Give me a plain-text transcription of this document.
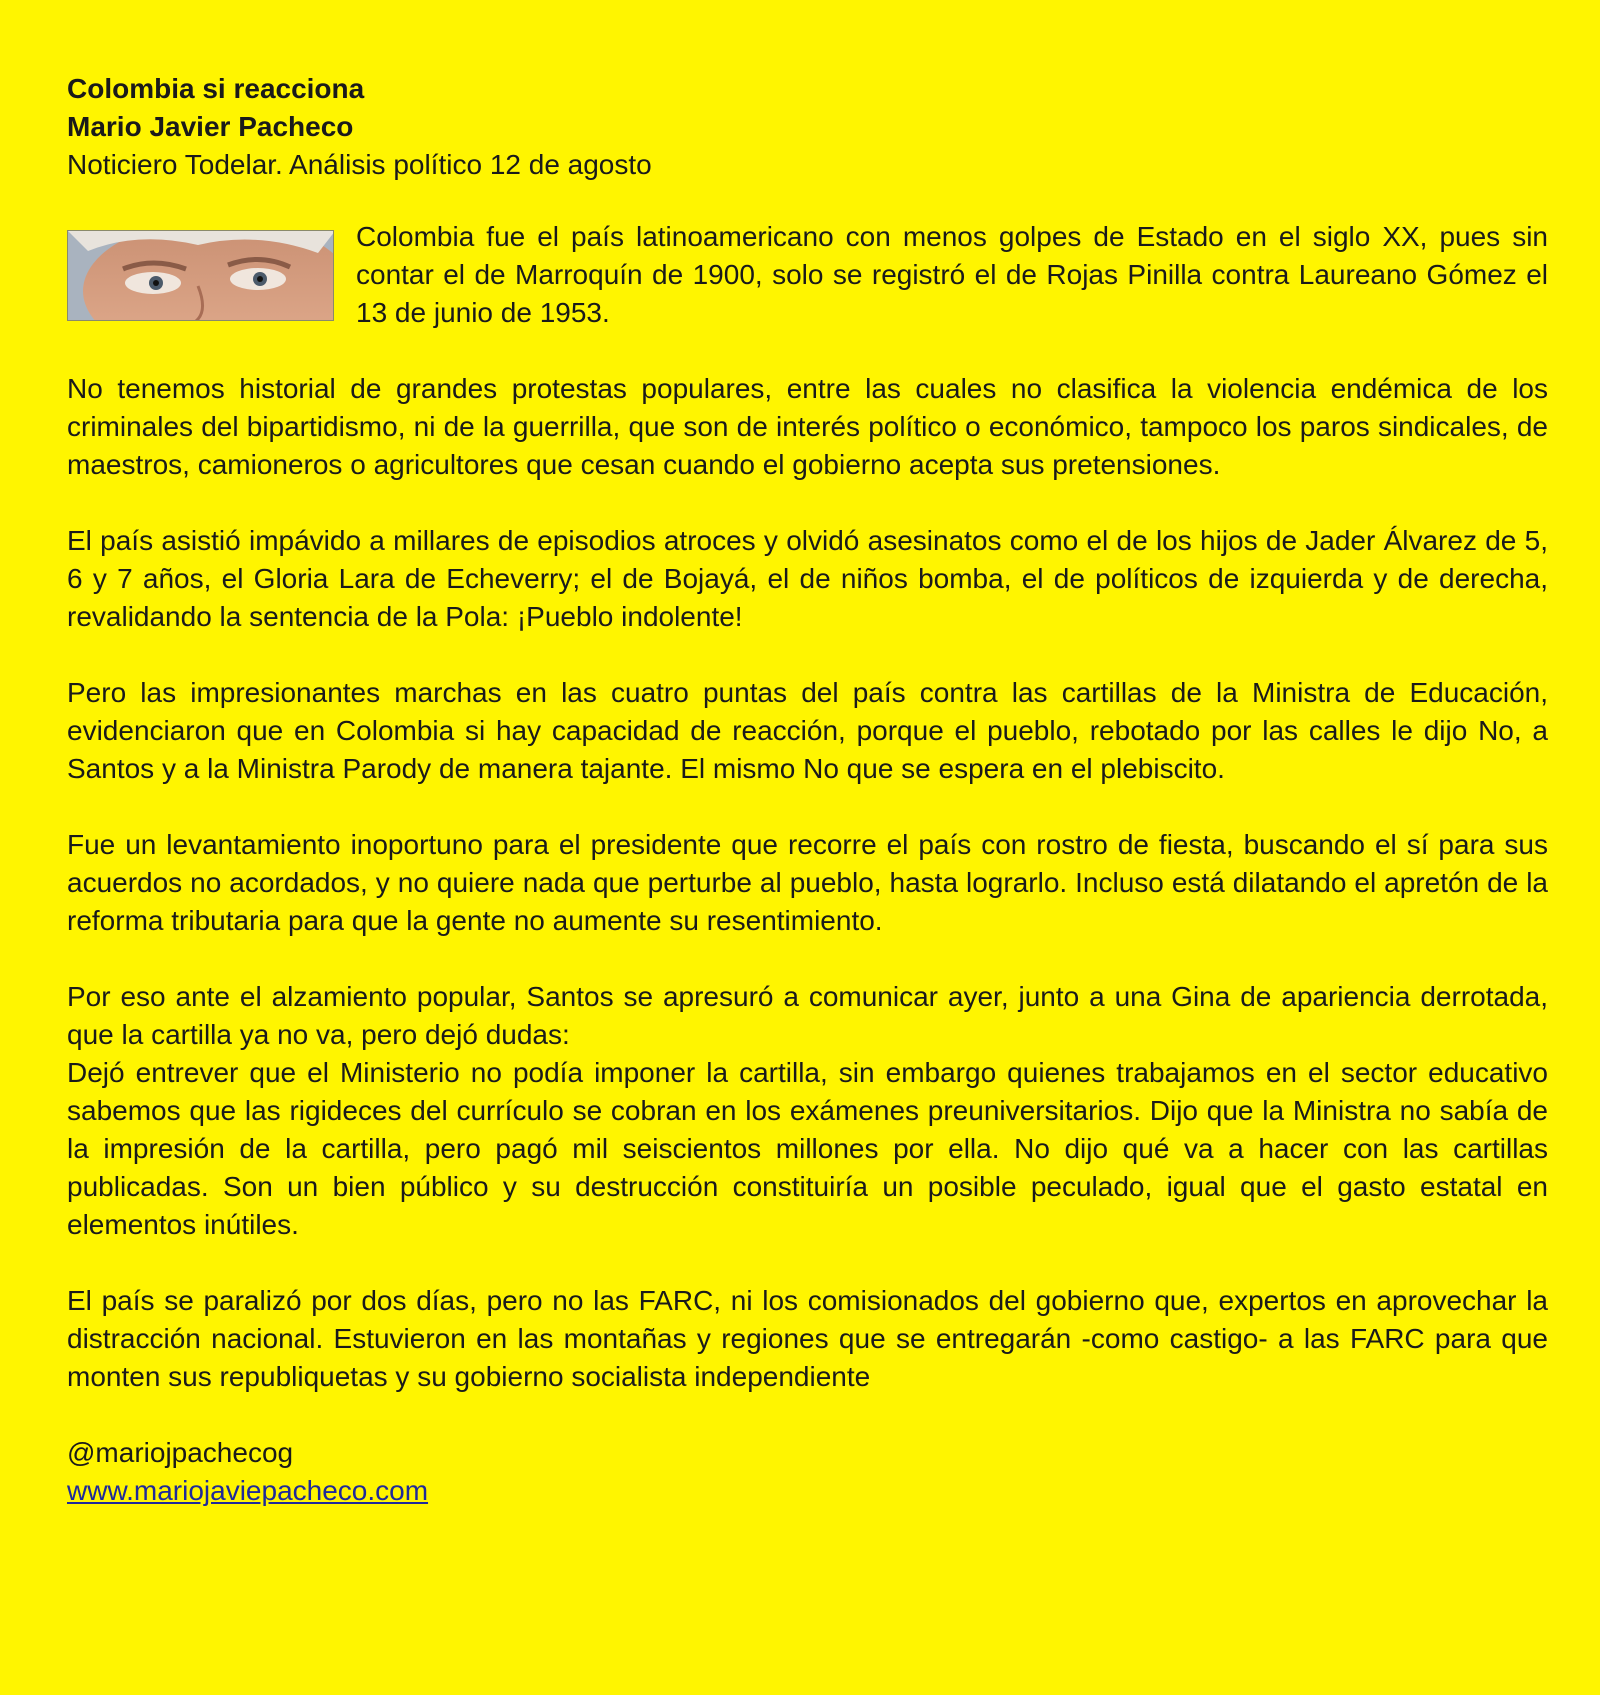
Colombia si reacciona

Mario Javier Pacheco

Noticiero Todelar. Análisis político 12 de agosto

Colombia fue el país latinoamericano con menos golpes de Estado en el siglo XX, pues sin contar el de Marroquín de 1900, solo se registró el de Rojas Pinilla contra Laureano Gómez el 13 de junio de 1953.

No tenemos historial de grandes protestas populares, entre las cuales no clasifica la violencia endémica de los criminales del bipartidismo, ni de la guerrilla, que son de interés político o económico, tampoco los paros sindicales, de maestros, camioneros o agricultores que cesan cuando el gobierno acepta sus pretensiones.

El país asistió impávido a millares de episodios atroces y olvidó asesinatos como el de los hijos de Jader Álvarez de 5, 6 y 7 años, el Gloria Lara de Echeverry; el de Bojayá, el de niños bomba, el de políticos de izquierda y de derecha, revalidando la sentencia de la Pola: ¡Pueblo indolente!

Pero las impresionantes marchas en las cuatro puntas del país contra las cartillas de la Ministra de Educación, evidenciaron que en Colombia si hay capacidad de reacción, porque el pueblo, rebotado por las calles le dijo No, a Santos y a la Ministra Parody de manera tajante. El mismo No que se espera en el plebiscito.

Fue un levantamiento inoportuno para el presidente que recorre el país con rostro de fiesta, buscando el sí para sus acuerdos no acordados, y no quiere nada que perturbe al pueblo, hasta lograrlo. Incluso está dilatando el apretón de la reforma tributaria para que la gente no aumente su resentimiento.

Por eso ante el alzamiento popular, Santos se apresuró a comunicar ayer, junto a una Gina de apariencia derrotada, que la cartilla ya no va, pero dejó dudas:

Dejó entrever que el Ministerio no podía imponer la cartilla, sin embargo quienes trabajamos en el sector educativo sabemos que las rigideces del currículo se cobran en los exámenes preuniversitarios. Dijo que la Ministra no sabía de la impresión de la cartilla, pero pagó mil seiscientos millones por ella. No dijo qué va a hacer con las cartillas publicadas. Son un bien público y su destrucción constituiría un posible peculado, igual que el gasto estatal en elementos inútiles.

El país se paralizó por dos días, pero no las FARC, ni los comisionados del gobierno que, expertos en aprovechar la distracción nacional. Estuvieron en las montañas y regiones que se entregarán -como castigo- a las FARC para que monten sus republiquetas y su gobierno socialista independiente

@mariojpachecog

www.mariojaviepacheco.com
